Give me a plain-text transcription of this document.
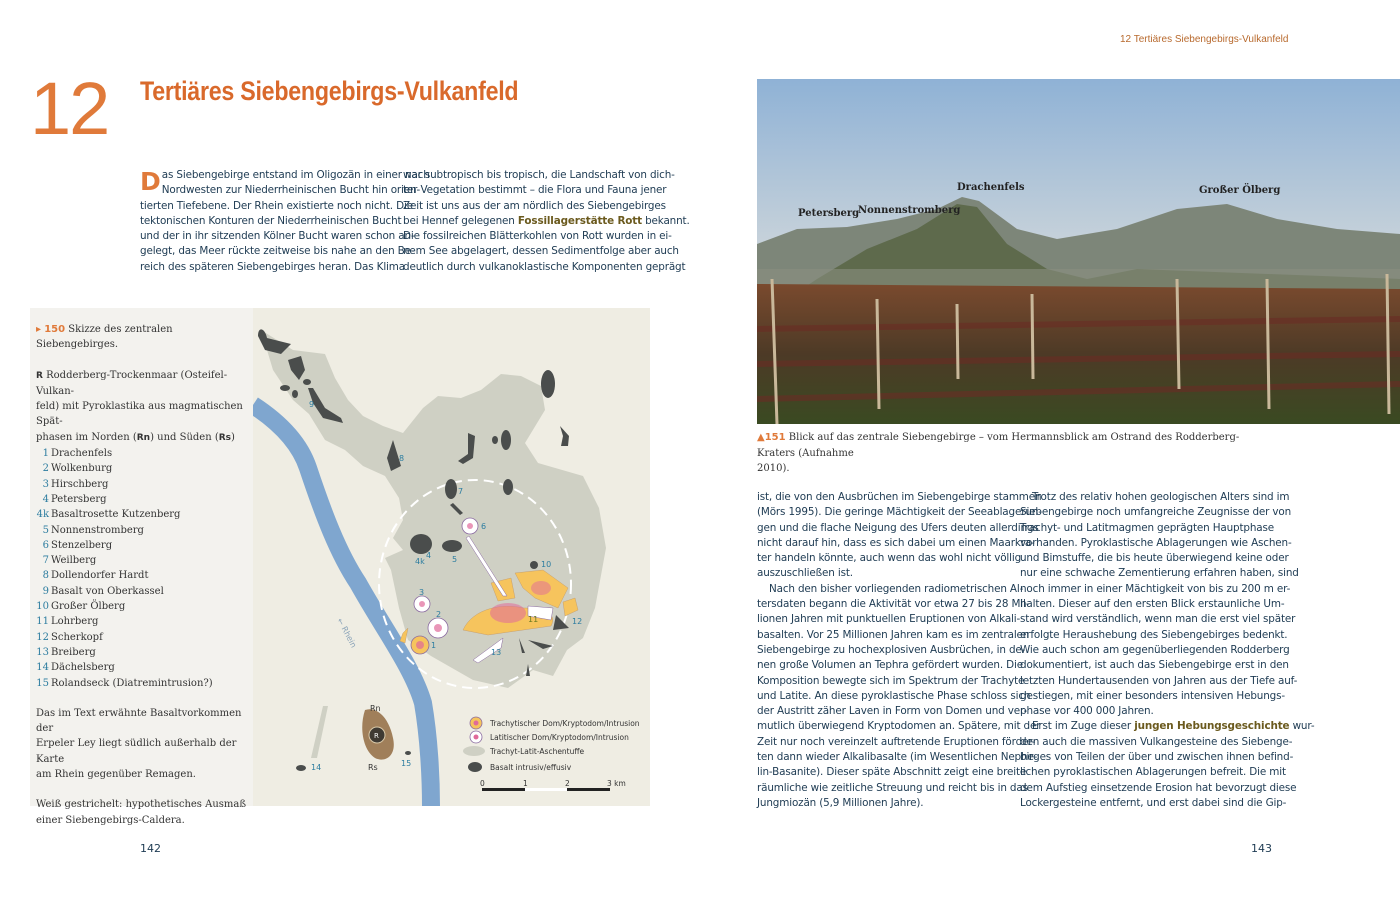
12 Tertiäres Siebengebirgs-Vulkanfeld
12 Tertiäres Siebengebirgs-Vulkanfeld
D as Siebengebirge entstand im Oligozän in einer nach
Nordwesten zur Niederrheinischen Bucht hin orien-
tierten Tiefebene. Der Rhein existierte noch nicht. Die
tektonischen Konturen der Niederrheinischen Bucht
und der in ihr sitzenden Kölner Bucht waren schon an-
gelegt, das Meer rückte zeitweise bis nahe an den Be-
reich des späteren Siebengebirges heran. Das Klima
war subtropisch bis tropisch, die Landschaft von dich-
ter Vegetation bestimmt – die Flora und Fauna jener
Zeit ist uns aus der am nördlich des Siebengebirges
bei Hennef gelegenen Fossillagerstätte Rott bekannt.
Die fossilreichen Blätterkohlen von Rott wurden in ei-
nem See abgelagert, dessen Sedimentfolge aber auch
deutlich durch vulkanoklastische Komponenten geprägt
▸ 150 Skizze des zentralen Siebengebirges.
R Rodderberg-Trockenmaar (Osteifel-Vulkan-
feld) mit Pyroklastika aus magmatischen Spät-
phasen im Norden (Rn) und Süden (Rs)
1 Drachenfels
2 Wolkenburg
3 Hirschberg
4 Petersberg
4k Basaltrosette Kutzenberg
5 Nonnenstromberg
6 Stenzelberg
7 Weilberg
8 Dollendorfer Hardt
9 Basalt von Oberkassel
10 Großer Ölberg
11 Lohrberg
12 Scherkopf
13 Breiberg
14 Dächelsberg
15 Rolandseck (Diatremintrusion?)
Das im Text erwähnte Basaltvorkommen der
Erpeler Ley liegt südlich außerhalb der Karte
am Rhein gegenüber Remagen.
Weiß gestrichelt: hypothetisches Ausmaß
einer Siebengebirgs-Caldera.
← Rhein
R
Rn
Rs
1
2
3
4
4k	5
6
7
8
9
10
11	12
13
14	15
Trachytischer Dom/Kryptodom/Intrusion
Latitischer Dom/Kryptodom/Intrusion
Trachyt-Latit-Aschentuffe
Basalt intrusiv/effusiv
0	1	2	3 km
Petersberg
Nonnenstromberg
Drachenfels	Großer Ölberg
▲151 Blick auf das zentrale Siebengebirge – vom Hermannsblick am Ostrand des Rodderberg-Kraters (Aufnahme
2010).
ist, die von den Ausbrüchen im Siebengebirge stammen
(Mörs 1995). Die geringe Mächtigkeit der Seeablagerun-
gen und die flache Neigung des Ufers deuten allerdings
nicht darauf hin, dass es sich dabei um einen Maarkra-
ter handeln könnte, auch wenn das wohl nicht völlig
auszuschließen ist.
Nach den bisher vorliegenden radiometrischen Al-
tersdaten begann die Aktivität vor etwa 27 bis 28 Mil-
lionen Jahren mit punktuellen Eruptionen von Alkali-
basalten. Vor 25 Millionen Jahren kam es im zentralen
Siebengebirge zu hochexplosiven Ausbrüchen, in de-
nen große Volumen an Tephra gefördert wurden. Die
Komposition bewegte sich im Spektrum der Trachyte
und Latite. An diese pyroklastische Phase schloss sich
der Austritt zäher Laven in Form von Domen und ver-
mutlich überwiegend Kryptodomen an. Spätere, mit der
Zeit nur noch vereinzelt auftretende Eruptionen förder-
ten dann wieder Alkalibasalte (im Wesentlichen Nephe-
lin-Basanite). Dieser späte Abschnitt zeigt eine breite
räumliche wie zeitliche Streuung und reicht bis in das
Jungmiozän (5,9 Millionen Jahre).
Trotz des relativ hohen geologischen Alters sind im
Siebengebirge noch umfangreiche Zeugnisse der von
Trachyt- und Latitmagmen geprägten Hauptphase
vorhanden. Pyroklastische Ablagerungen wie Aschen-
und Bimstuffe, die bis heute überwiegend keine oder
nur eine schwache Zementierung erfahren haben, sind
noch immer in einer Mächtigkeit von bis zu 200 m er-
halten. Dieser auf den ersten Blick erstaunliche Um-
stand wird verständlich, wenn man die erst viel später
erfolgte Heraushebung des Siebengebirges bedenkt.
Wie auch schon am gegenüberliegenden Rodderberg
dokumentiert, ist auch das Siebengebirge erst in den
letzten Hundertausenden von Jahren aus der Tiefe auf-
gestiegen, mit einer besonders intensiven Hebungs-
phase vor 400 000 Jahren.
Erst im Zuge dieser jungen Hebungsgeschichte wur-
den auch die massiven Vulkangesteine des Siebenge-
birges von Teilen der über und zwischen ihnen befind-
lichen pyroklastischen Ablagerungen befreit. Die mit
dem Aufstieg einsetzende Erosion hat bevorzugt diese
Lockergesteine entfernt, und erst dabei sind die Gip-
142	143
